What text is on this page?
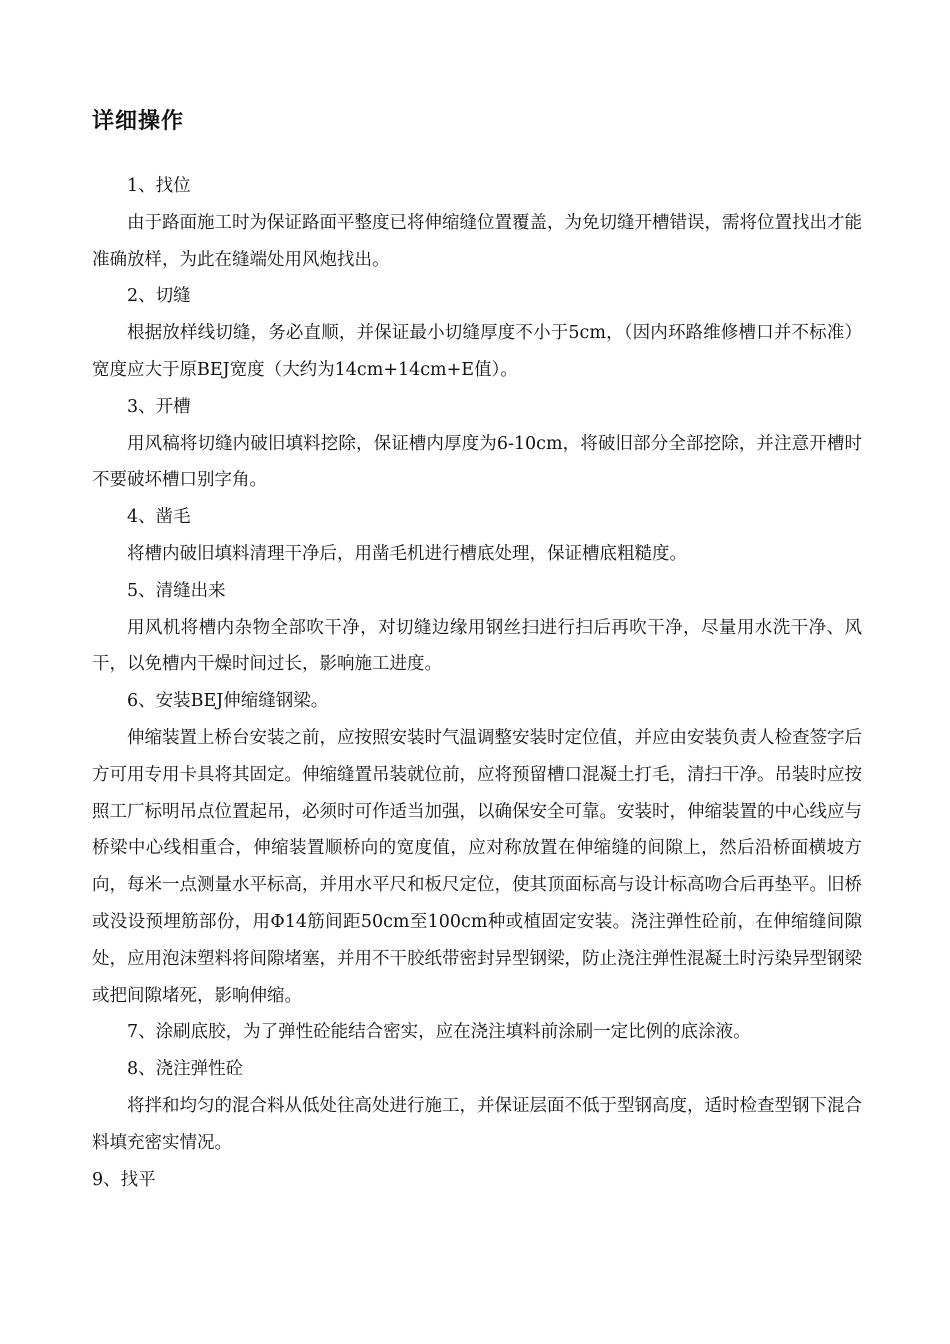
详细操作

1、找位

由于路面施工时为保证路面平整度已将伸缩缝位置覆盖，为免切缝开槽错误，需将位置找出才能准确放样，为此在缝端处用风炮找出。

2、切缝

根据放样线切缝，务必直顺，并保证最小切缝厚度不小于5cm，（因内环路维修槽口并不标准） 宽度应大于原BEJ宽度（大约为14cm+14cm+E值）。

3、开槽

用风稿将切缝内破旧填料挖除，保证槽内厚度为6-10cm，将破旧部分全部挖除，并注意开槽时不要破坏槽口别字角。

4、凿毛

将槽内破旧填料清理干净后，用凿毛机进行槽底处理，保证槽底粗糙度。

5、清缝出来

用风机将槽内杂物全部吹干净，对切缝边缘用钢丝扫进行扫后再吹干净，尽量用水洗干净、风干，以免槽内干燥时间过长，影响施工进度。

6、安装BEJ伸缩缝钢梁。

伸缩装置上桥台安装之前，应按照安装时气温调整安装时定位值，并应由安装负责人检查签字后方可用专用卡具将其固定。伸缩缝置吊装就位前，应将预留槽口混凝土打毛，清扫干净。吊装时应按照工厂标明吊点位置起吊，必须时可作适当加强，以确保安全可靠。安装时，伸缩装置的中心线应与桥梁中心线相重合，伸缩装置顺桥向的宽度值，应对称放置在伸缩缝的间隙上，然后沿桥面横坡方向，每米一点测量水平标高，并用水平尺和板尺定位，使其顶面标高与设计标高吻合后再垫平。旧桥或没设预埋筋部份，用Φ14筋间距50cm至100cm种或植固定安装。浇注弹性砼前，在伸缩缝间隙处，应用泡沫塑料将间隙堵塞，并用不干胶纸带密封异型钢梁，防止浇注弹性混凝土时污染异型钢梁或把间隙堵死，影响伸缩。

7、涂刷底胶，为了弹性砼能结合密实，应在浇注填料前涂刷一定比例的底涂液。

8、浇注弹性砼

将拌和均匀的混合料从低处往高处进行施工，并保证层面不低于型钢高度，适时检查型钢下混合料填充密实情况。

9、找平
